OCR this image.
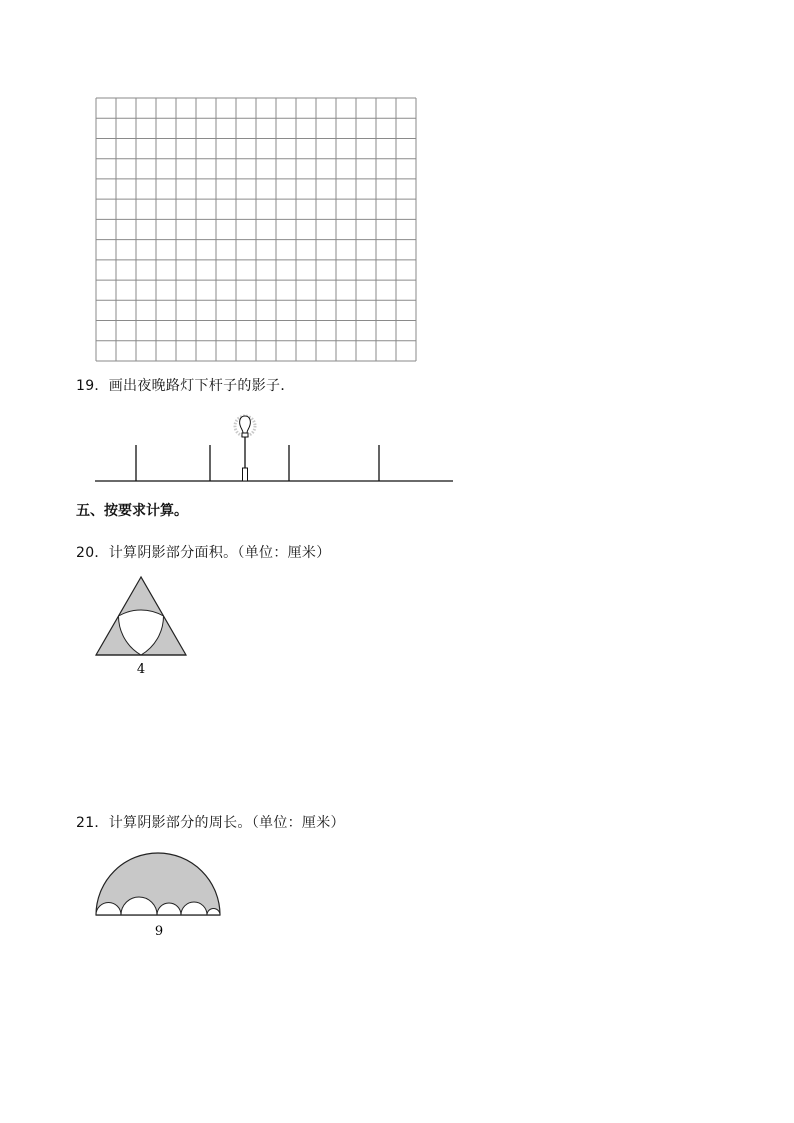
19．画出夜晚路灯下杆子的影子．
五、按要求计算。
20．计算阴影部分面积。（单位：厘米）
4
21．计算阴影部分的周长。（单位：厘米）
9
